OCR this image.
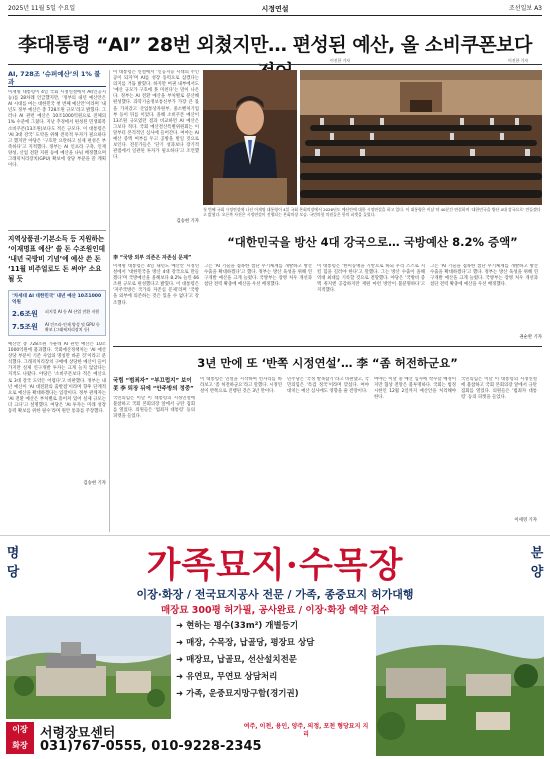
2025년 11월 5일 수요일	시정연설	조선일보 A3
李대통령 “AI” 28번 외쳤지만… 편성된 예산, 올 소비쿠폰보다
이진한 기자	이진한 기자
AI, 728조 ‘슈퍼예산’의 1% 불과
이재명 대통령이 4일 국회 시정연설에서 AI(인공지능)를 28차례 언급했지만, ‘정부의 내년 예산안은 AI 시대를 여는 대한민국 첫 번째 예산안’이라며 ‘내년도 정부 예산은 총 728조원 규모’라고 밝혔다. 그러나 AI 관련 예산은 10조1000억원으로 전체의 1% 수준에 그쳤다. 지난 추경에서 편성된 민생회복 소비쿠폰(13조원)보다도 적은 규모다. 이 대통령은 ‘AI 3대 강국’ 도약을 위해 전폭적 투자가 필요하다고 했지만 야당은 ‘구호만 요란하고 실제 편성은 부족하다’고 지적했다. 정부는 AI 인프라 구축, 인재 양성, 산업 전환 지원 등에 예산을 나눠 배정했으며 그래픽처리장치(GPU) 확보에 상당 부분을 쓸 계획이다.
지역상품권·기본소득 등 지원하는
‘이재명표 예산’ 쓸 돈 수조원인데
‘내년 국방비 기념’에 예산 쓴 돈
‘11월 비주얼로도 돈 써야’ 소요될 듯
‘차세대 AI 대한민국’ 내년 예산 10조1000억원
2.6조원	피지컬 AI 등 AI 산업 전환 지원
7.5조원	AI 인프라·인재 양성 및 GPU 등 확보 (그래픽처리장치 등)
예산안 총 728조원 가운데 AI 관련 예산은 10조1000억원에 불과했다. 국회예산정책처는 ‘AI 예산 상당 부분이 기존 사업의 명칭만 바꾼 것’이라고 분석했다. 그래픽처리장치 구매에 상당한 예산이 들어가지만 실제 연구개발 투자는 크게 늘지 않았다는 지적도 나왔다. 야당은 ‘소비쿠폰보다 적은 예산으로 3대 강국 도약은 어렵다’고 비판했다. 정부는 내년 예산이 ‘AI 대전환의 출발점’이라며 향후 단계적으로 예산을 확대하겠다는 입장이다. 정부 관계자는 ‘AI 전환 예산은 부처별로 흩어져 있어 실제 규모는 더 크다’고 설명했다. 여당은 ‘AI 투자는 미래 성장 동력 확보를 위한 필수’라며 원안 통과를 주장했다.
김승현 기자
이 대통령은 연설에서 ‘인공지능 시대의 주인공이 되자’며 AI를 성장 동력으로 삼겠다는 의지를 거듭 밝혔다. 하지만 여권 내부에서도 ‘예산 규모가 구호에 못 미친다’는 말이 나온다. 정부는 AI 전환 예산을 부처별로 분산해 편성했다. 과학기술정보통신부가 가장 큰 몫을 가져갔고 산업통상자원부, 중소벤처기업부 등이 뒤를 이었다. 올해 소비쿠폰 예산이 13조원 규모였던 점과 비교하면 AI 예산은 그보다 적다. 국회 예산결산특별위원회는 이달부터 본격적인 심사에 들어간다. 여야는 AI 예산 증액 여부를 두고 공방을 벌일 것으로 보인다. 전문가들은 ‘단기 성과보다 장기적 관점에서 일관된 투자가 필요하다’고 조언했다.
김승현 기자
첫 번째 국회 시정연설에 나선 이재명 대통령이 4일 국회 본회의장에서 2026년도 예산안에 대한 시정연설을 하고 있다. 이 대통령은 이날 약 40분간 연설하며 ‘대한민국을 방산 4대 강국으로’ 만들겠다고 밝혔다. 오른쪽 사진은 시정연설이 진행되는 본회의장 모습. 국민의힘 의원들은 항의 피켓을 들었다.
“대한민국을 방산 4대 강국으로… 국방예산 8.2% 증액”
李 “국방 외부 의존은 자존심 문제”
이재명 대통령은 4일 내년도 예산안 시정연설에서 ‘대한민국을 방산 4대 강국으로 만들겠다’며 국방예산을 올해보다 8.2% 늘린 66조원 규모로 편성했다고 밝혔다. 이 대통령은 ‘자주국방은 국가의 자존심 문제’라며 ‘국방을 외부에 의존하는 것은 있을 수 없다’고 강조했다.
그는 ‘AI 기술을 접목한 첨단 무기체계를 개발하고 방산 수출을 확대하겠다’고 했다. 정부는 방산 육성을 위해 연구개발 예산을 크게 늘렸다. 국방부는 장병 처우 개선과 첨단 전력 확충에 예산을 우선 배정했다.
이 대통령은 ‘한미동맹을 기반으로 하되 우리 스스로 지킬 힘을 길러야 한다’고 말했다. 그는 방산 수출이 올해 역대 최대를 기록할 것으로 전망했다. 야당은 ‘국방비 증액 취지엔 공감하지만 재원 마련 방안이 불분명하다’고 지적했다.
그는 ‘AI 기술을 접목한 첨단 무기체계를 개발하고 방산 수출을 확대하겠다’고 했다. 정부는 방산 육성을 위해 연구개발 예산을 크게 늘렸다. 국방부는 장병 처우 개선과 첨단 전력 확충에 예산을 우선 배정했다.
권순완 기자
3년 만에 또 ‘반쪽 시정연설’… 李 “좀 허전하군요”
국힘 “범죄자” “부끄럽지” 보이콧 李 퇴장 뒤에 “안주방의 정중”
국민의힘은 이날 이 대통령의 시정연설에 불참하고 국회 본회의장 앞에서 규탄 집회를 열었다. 의원들은 ‘범죄자 대통령’ 등의 피켓을 들었다.
이 대통령은 연설을 시작하며 빈자리를 바라보고 ‘좀 허전하군요’라고 말했다. 시정연설이 반쪽으로 진행된 것은 3년 만이다.
민주당은 ‘국정 발목잡기’라고 비판했고, 국민의힘은 ‘특검 정국’이라며 맞섰다. 여야 대치는 예산 심사에도 영향을 줄 전망이다.
여야는 이달 중 예산 심사에 착수할 예정이지만 협상 전망은 불투명하다. 국회는 법정 시한인 12월 2일까지 예산안을 처리해야 한다.
국민의힘은 이날 이 대통령의 시정연설에 불참하고 국회 본회의장 앞에서 규탄 집회를 열었다. 의원들은 ‘범죄자 대통령’ 등의 피켓을 들었다.
이세영 기자
명
당
분
양
가족묘지·수목장
이장·화장 / 전국묘지공사 전문 / 가족, 종중묘지 허가대행
매장묘 300평 허가필, 공사완료 / 이장·화장 예약 접수
➜ 현하는 평수(33m²) 개별등기
➜ 매장, 수목장, 납골당, 평장묘 상담
➜ 매장묘, 납골묘, 선산설치전문
➜ 유연묘, 무연묘 상담처리
➜ 가족, 운중묘지망구함(경기권)
이장
화장
서령장묘센터	여주, 이천, 용인, 양주, 의정, 포천 형당묘지 지리
031)767-0555, 010-9228-2345
